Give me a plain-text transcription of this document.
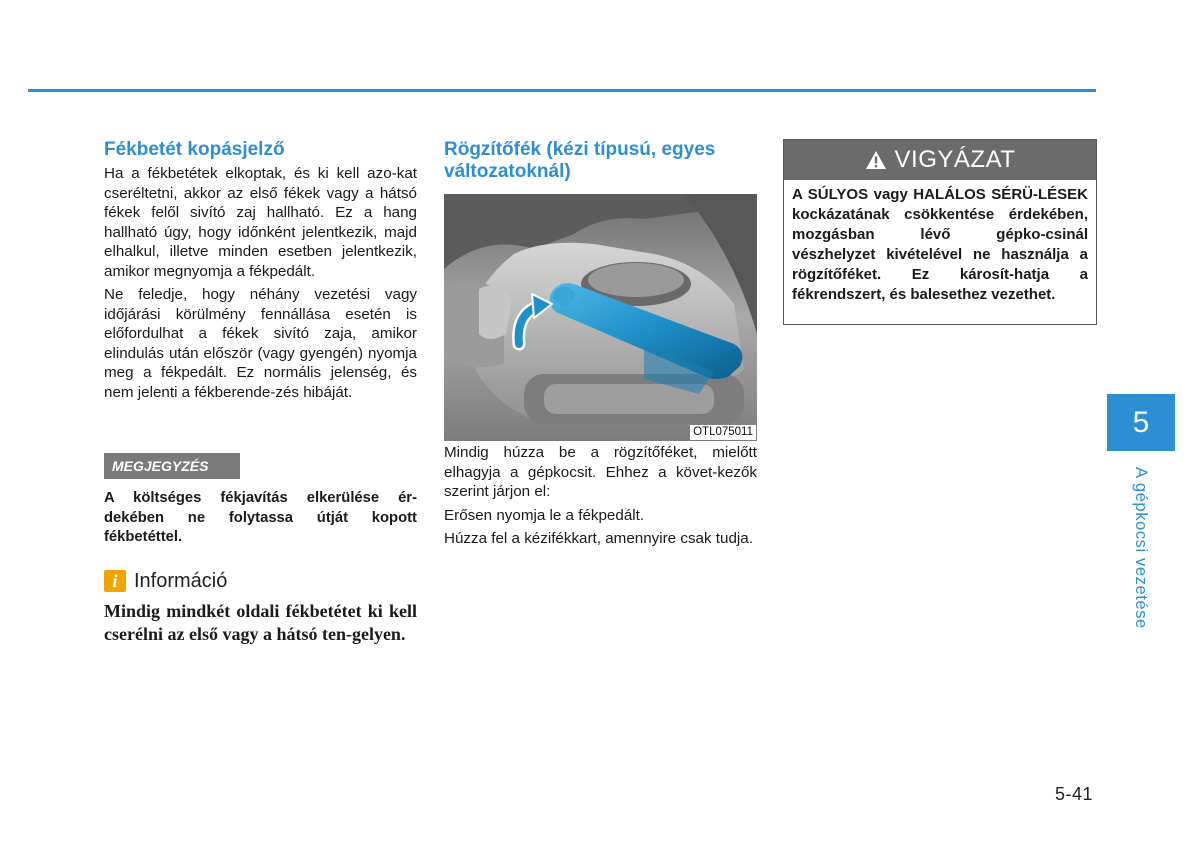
Fékbetét kopásjelző

Ha a fékbetétek elkoptak, és ki kell azo-kat cseréltetni, akkor az első fékek vagy a hátsó fékek felől sivító zaj hallható. Ez a hang hallható úgy, hogy időnként jelentkezik, majd elhalkul, illetve minden esetben jelentkezik, amikor megnyomja a fékpedált.

Ne feledje, hogy néhány vezetési vagy időjárási körülmény fennállása esetén is előfordulhat a fékek sivító zaja, amikor elindulás után először (vagy gyengén) nyomja meg a fékpedált. Ez normális jelenség, és nem jelenti a fékberende-zés hibáját.

MEGJEGYZÉS

A költséges fékjavítás elkerülése ér-dekében ne folytassa útját kopott fékbetéttel.

i Információ

Mindig mindkét oldali fékbetétet ki kell cserélni az első vagy a hátsó ten-gelyen.

Rögzítőfék (kézi típusú, egyes változatoknál)
OTL075011

Mindig húzza be a rögzítőféket, mielőtt elhagyja a gépkocsit. Ehhez a követ-kezők szerint járjon el:

Erősen nyomja le a fékpedált.

Húzza fel a kézifékkart, amennyire csak tudja.

VIGYÁZAT

A SÚLYOS vagy HALÁLOS SÉRÜ-LÉSEK kockázatának csökkentése érdekében, mozgásban lévő gépko-csinál vészhelyzet kivételével ne használja a rögzítőféket. Ez károsít-hatja a fékrendszert, és balesethez vezethet.

5
A gépkocsi vezetése
5-41
